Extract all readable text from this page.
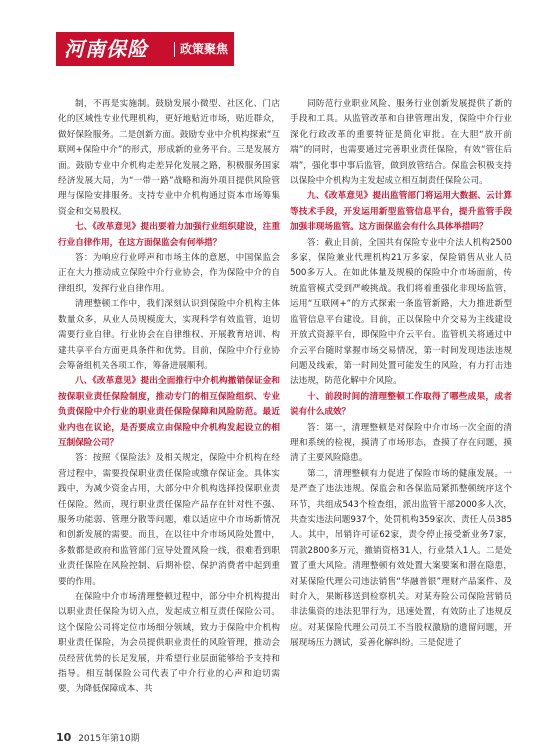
河南保险	政策聚焦

制，不再是实施制。鼓励发展小微型、社区化、门店化的区域性专业代理机构，更好地贴近市场，贴近群众，做好保险服务。二是创新方面。鼓励专业中介机构探索“互联网+保险中介”的形式，形成新的业务平台。三是发展方面。鼓励专业中介机构走差异化发展之路，积极服务国家经济发展大局，为“一带一路”战略和海外项目提供风险管理与保险安排服务。支持专业中介机构通过资本市场筹集资金和交易股权。

七、《改革意见》提出要着力加强行业组织建设，注重行业自律作用，在这方面保监会有何举措？

答：为响应行业呼声和市场主体的意愿，中国保监会正在大力推动成立保险中介行业协会，作为保险中介的自律组织，发挥行业自律作用。

清理整顿工作中，我们深刻认识到保险中介机构主体数量众多，从业人员规模庞大，实现科学有效监管，迫切需要行业自律。行业协会在自律维权、开展教育培训、构建共享平台方面更具条件和优势。目前，保险中介行业协会筹备组机关各项工作，筹备进展顺利。

八、《改革意见》提出全面推行中介机构撤销保证金和按保职业责任保险制度，推动专门的相互保险组织、专业负责保险中介行业的职业责任保险保障和风险防范。最近业内也在议论，是否要成立由保险中介机构发起设立的相互制保险公司？

答：按照《保险法》及相关规定，保险中介机构在经营过程中，需要投保职业责任保险或缴存保证金。具体实践中，为减少资金占用，大部分中介机构选择投保职业责任保险。然而，现行职业责任保险产品存在针对性不强、服务功能弱、管理分散等问题，难以适应中介市场新情况和创新发展的需要。而且，在以往中介市场风险处置中，多数都是政府和监管部门宣导处置风险一线，很难看到职业责任保险在风险控制、后期补偿、保护消费者中起到重要的作用。

在保险中介市场清理整顿过程中，部分中介机构提出以职业责任保险为切入点，发起成立相互责任保险公司。这个保险公司将定位市场细分领域，致力于保险中介机构职业责任保险，为会员提供职业责任的风险管理，推动会员经营优势的长足发展，并希望行业层面能够给予支持和指导。相互制保险公司代表了中介行业的心声和迫切需要，为降低保障成本、共

同防范行业职业风险、服务行业创新发展提供了新的手段和工具。从监管改革和自律管理出发，保险中介行业深化行政改革的重要特征是简化审批。在大胆“放开前端”的同时，也需要通过完善职业责任保险，有效“管住后端”，强化事中事后监管，做到放管结合。保监会积极支持以保险中介机构为主发起成立相互制责任保险公司。

九、《改革意见》提出监管部门将运用大数据、云计算等技术手段，开发运用新型监管信息平台，提升监管手段加强非现场监管。这方面保监会有什么具体举措吗？

答：截止目前，全国共有保险专业中介法人机构2500多家，保险兼业代理机构21万多家，保险销售从业人员500多万人。在如此体量及规模的保险中介市场面前，传统监管模式受到严峻挑战。我们将着重强化非现场监管，运用“互联网+”的方式探索一条监管新路，大力推进新型监管信息平台建设。目前，正以保险中介交易为主线建设开放式资源平台，即保险中介云平台。监管机关将通过中介云平台随时掌握市场交易情况，第一时间发现违法违规问题及线索，第一时间处置可能发生的风险，有力打击违法违规，防范化解中介风险。

十、前段时间的清理整顿工作取得了哪些成果，成者说有什么成效？

答：第一，清理整顿是对保险中介市场一次全面的清理和系统的检视，摸清了市场形态，查摸了存在问题，摸清了主要风险隐患。

第二，清理整顿有力促进了保险市场的健康发展。一是严查了违法违规。保监会和各保监局紧抓整顿统序这个环节，共组成543个检查组，派出监管干部2000多人次，共查实违法问题937个，处罚机构359家次、责任人员385人。其中，吊销许可证62家，责令停止接受新业务7家，罚款2800多万元，撤销资格31人，行业禁入1人。二是处置了重大风险。清理整顿有效处置大案要案和潜在隐患，对某保险代理公司违法销售“华融普银”理财产品案件、及时介入，果断移送到检察机关。对某寿险公司保险营销员非法集资的违法犯罪行为，迅速处置，有效防止了违规反应。对某保险代理公司员工不当股权激励的遗留问题，开展现场压力测试，妥善化解纠纷。三是促进了

10 2015年第10期
